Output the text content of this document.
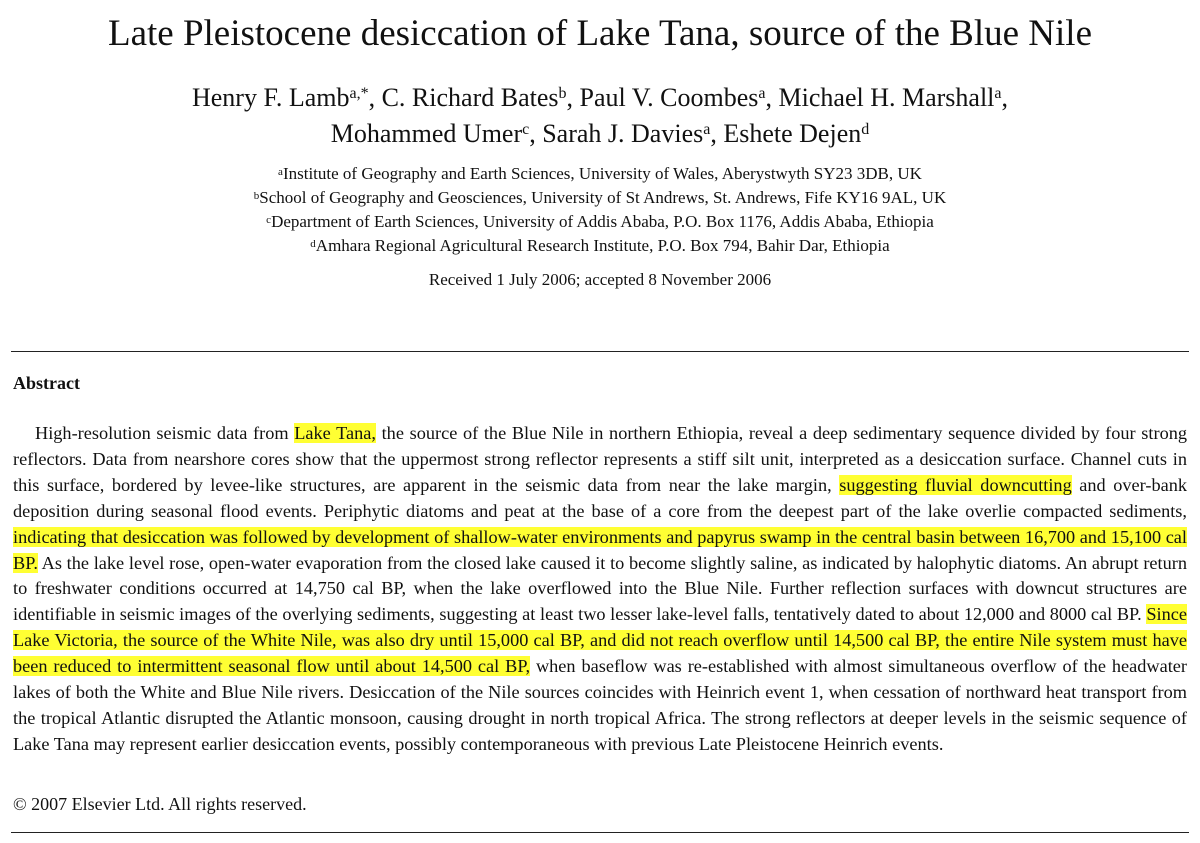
Late Pleistocene desiccation of Lake Tana, source of the Blue Nile
Henry F. Lamb$^{a,*}$, C. Richard Bates$^b$, Paul V. Coombes$^a$, Michael H. Marshall$^a$,
Mohammed Umer$^c$, Sarah J. Davies$^a$, Eshete Dejen$^d$
$^a$Institute of Geography and Earth Sciences, University of Wales, Aberystwyth SY23 3DB, UK
$^b$School of Geography and Geosciences, University of St Andrews, St. Andrews, Fife KY16 9AL, UK
$^c$Department of Earth Sciences, University of Addis Ababa, P.O. Box 1176, Addis Ababa, Ethiopia
$^d$Amhara Regional Agricultural Research Institute, P.O. Box 794, Bahir Dar, Ethiopia
Received 1 July 2006; accepted 8 November 2006
Abstract
High-resolution seismic data from Lake Tana, the source of the Blue Nile in northern Ethiopia, reveal a deep sedimentary sequence divided by four strong reflectors. Data from nearshore cores show that the uppermost strong reflector represents a stiff silt unit, interpreted as a desiccation surface. Channel cuts in this surface, bordered by levee-like structures, are apparent in the seismic data from near the lake margin, suggesting fluvial downcutting and over-bank deposition during seasonal flood events. Periphytic diatoms and peat at the base of a core from the deepest part of the lake overlie compacted sediments, indicating that desiccation was followed by development of shallow-water environments and papyrus swamp in the central basin between 16,700 and 15,100 cal BP. As the lake level rose, open-water evaporation from the closed lake caused it to become slightly saline, as indicated by halophytic diatoms. An abrupt return to freshwater conditions occurred at 14,750 cal BP, when the lake overflowed into the Blue Nile. Further reflection surfaces with downcut structures are identifiable in seismic images of the overlying sediments, suggesting at least two lesser lake-level falls, tentatively dated to about 12,000 and 8000 cal BP. Since Lake Victoria, the source of the White Nile, was also dry until 15,000 cal BP, and did not reach overflow until 14,500 cal BP, the entire Nile system must have been reduced to intermittent seasonal flow until about 14,500 cal BP, when baseflow was re-established with almost simultaneous overflow of the headwater lakes of both the White and Blue Nile rivers. Desiccation of the Nile sources coincides with Heinrich event 1, when cessation of northward heat transport from the tropical Atlantic disrupted the Atlantic monsoon, causing drought in north tropical Africa. The strong reflectors at deeper levels in the seismic sequence of Lake Tana may represent earlier desiccation events, possibly contemporaneous with previous Late Pleistocene Heinrich events.
© 2007 Elsevier Ltd. All rights reserved.
